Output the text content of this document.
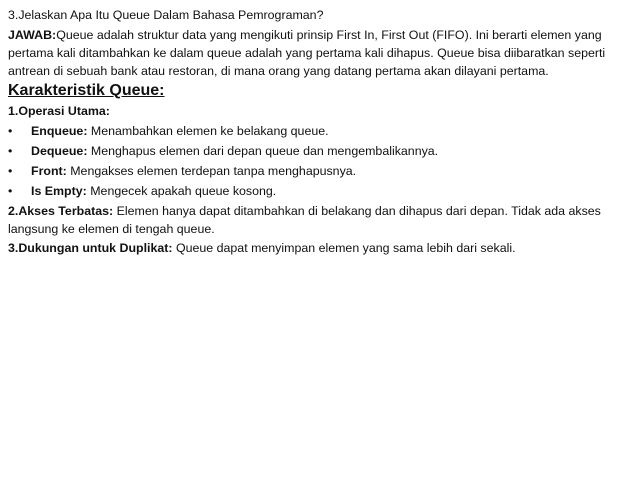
3.Jelaskan Apa Itu Queue Dalam Bahasa Pemrograman?

JAWAB:Queue adalah struktur data yang mengikuti prinsip First In, First Out (FIFO). Ini berarti elemen yang pertama kali ditambahkan ke dalam queue adalah yang pertama kali dihapus. Queue bisa diibaratkan seperti antrean di sebuah bank atau restoran, di mana orang yang datang pertama akan dilayani pertama.

Karakteristik Queue:
1.Operasi Utama:
• Enqueue: Menambahkan elemen ke belakang queue.
• Dequeue: Menghapus elemen dari depan queue dan mengembalikannya.
• Front: Mengakses elemen terdepan tanpa menghapusnya.
• Is Empty: Mengecek apakah queue kosong.

2.Akses Terbatas: Elemen hanya dapat ditambahkan di belakang dan dihapus dari depan. Tidak ada akses langsung ke elemen di tengah queue.

3.Dukungan untuk Duplikat: Queue dapat menyimpan elemen yang sama lebih dari sekali.
